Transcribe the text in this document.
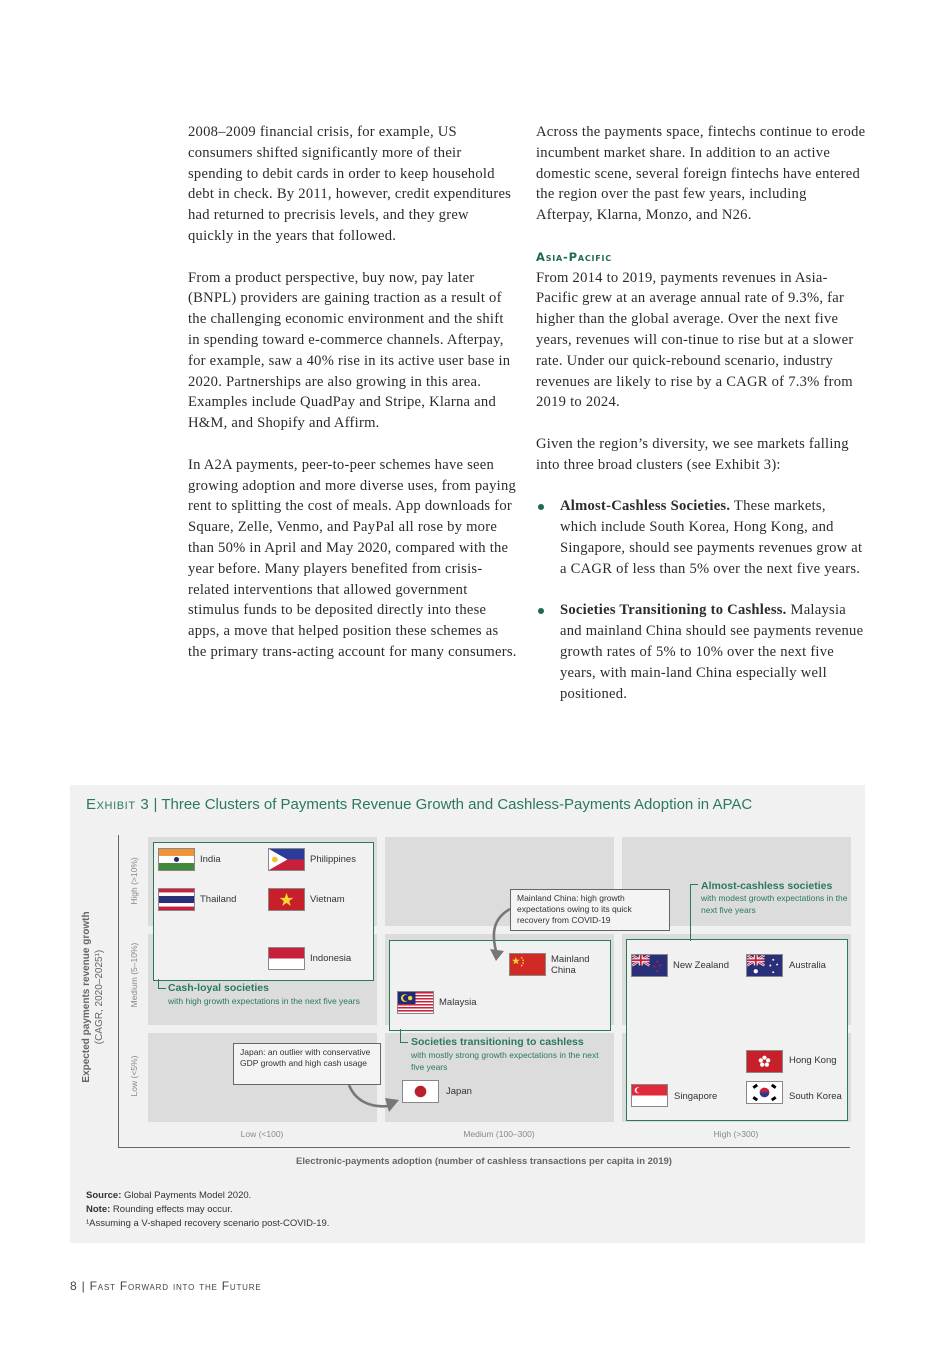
2008–2009 financial crisis, for example, US consumers shifted significantly more of their spending to debit cards in order to keep household debt in check. By 2011, however, credit expenditures had returned to precrisis levels, and they grew quickly in the years that followed.

From a product perspective, buy now, pay later (BNPL) providers are gaining traction as a result of the challenging economic environment and the shift in spending toward e-commerce channels. Afterpay, for example, saw a 40% rise in its active user base in 2020. Partnerships are also growing in this area. Examples include QuadPay and Stripe, Klarna and H&M, and Shopify and Affirm.

In A2A payments, peer-to-peer schemes have seen growing adoption and more diverse uses, from paying rent to splitting the cost of meals. App downloads for Square, Zelle, Venmo, and PayPal all rose by more than 50% in April and May 2020, compared with the year before. Many players benefited from crisis-related interventions that allowed government stimulus funds to be deposited directly into these apps, a move that helped position these schemes as the primary trans-acting account for many consumers.

Across the payments space, fintechs continue to erode incumbent market share. In addition to an active domestic scene, several foreign fintechs have entered the region over the past few years, including Afterpay, Klarna, Monzo, and N26.

Asia-Pacific

From 2014 to 2019, payments revenues in Asia-Pacific grew at an average annual rate of 9.3%, far higher than the global average. Over the next five years, revenues will con-tinue to rise but at a slower rate. Under our quick-rebound scenario, industry revenues are likely to rise by a CAGR of 7.3% from 2019 to 2024.

Given the region’s diversity, we see markets falling into three broad clusters (see Exhibit 3):

Almost-Cashless Societies. These markets, which include South Korea, Hong Kong, and Singapore, should see payments revenues grow at a CAGR of less than 5% over the next five years.
Societies Transitioning to Cashless. Malaysia and mainland China should see payments revenue growth rates of 5% to 10% over the next five years, with main-land China especially well positioned.
Exhibit 3 | Three Clusters of Payments Revenue Growth and Cashless-Payments Adoption in APAC
Expected payments revenue growth (CAGR, 2020–2025¹)
High (>10%)
Medium (5–10%)
Low (<5%)
Low (<100)	Medium (100–300)	High (>300)
Electronic-payments adoption (number of cashless transactions per capita in 2019)
Cash-loyal societies
with high growth expectations in the next five years
Societies transitioning to cashless
with mostly strong growth expectations in the next five years
Almost-cashless societies
with modest growth expectations in the next five years
Mainland China: high growth expectations owing to its quick recovery from COVID-19
Japan: an outlier with conservative GDP growth and high cash usage
India	Philippines
Thailand	Vietnam
Indonesia	Mainland China
Malaysia
Japan
New Zealand	Australia
Hong Kong
Singapore	South Korea
Source: Global Payments Model 2020.
Note: Rounding effects may occur.
¹Assuming a V-shaped recovery scenario post-COVID-19.
8 | Fast Forward into the Future
